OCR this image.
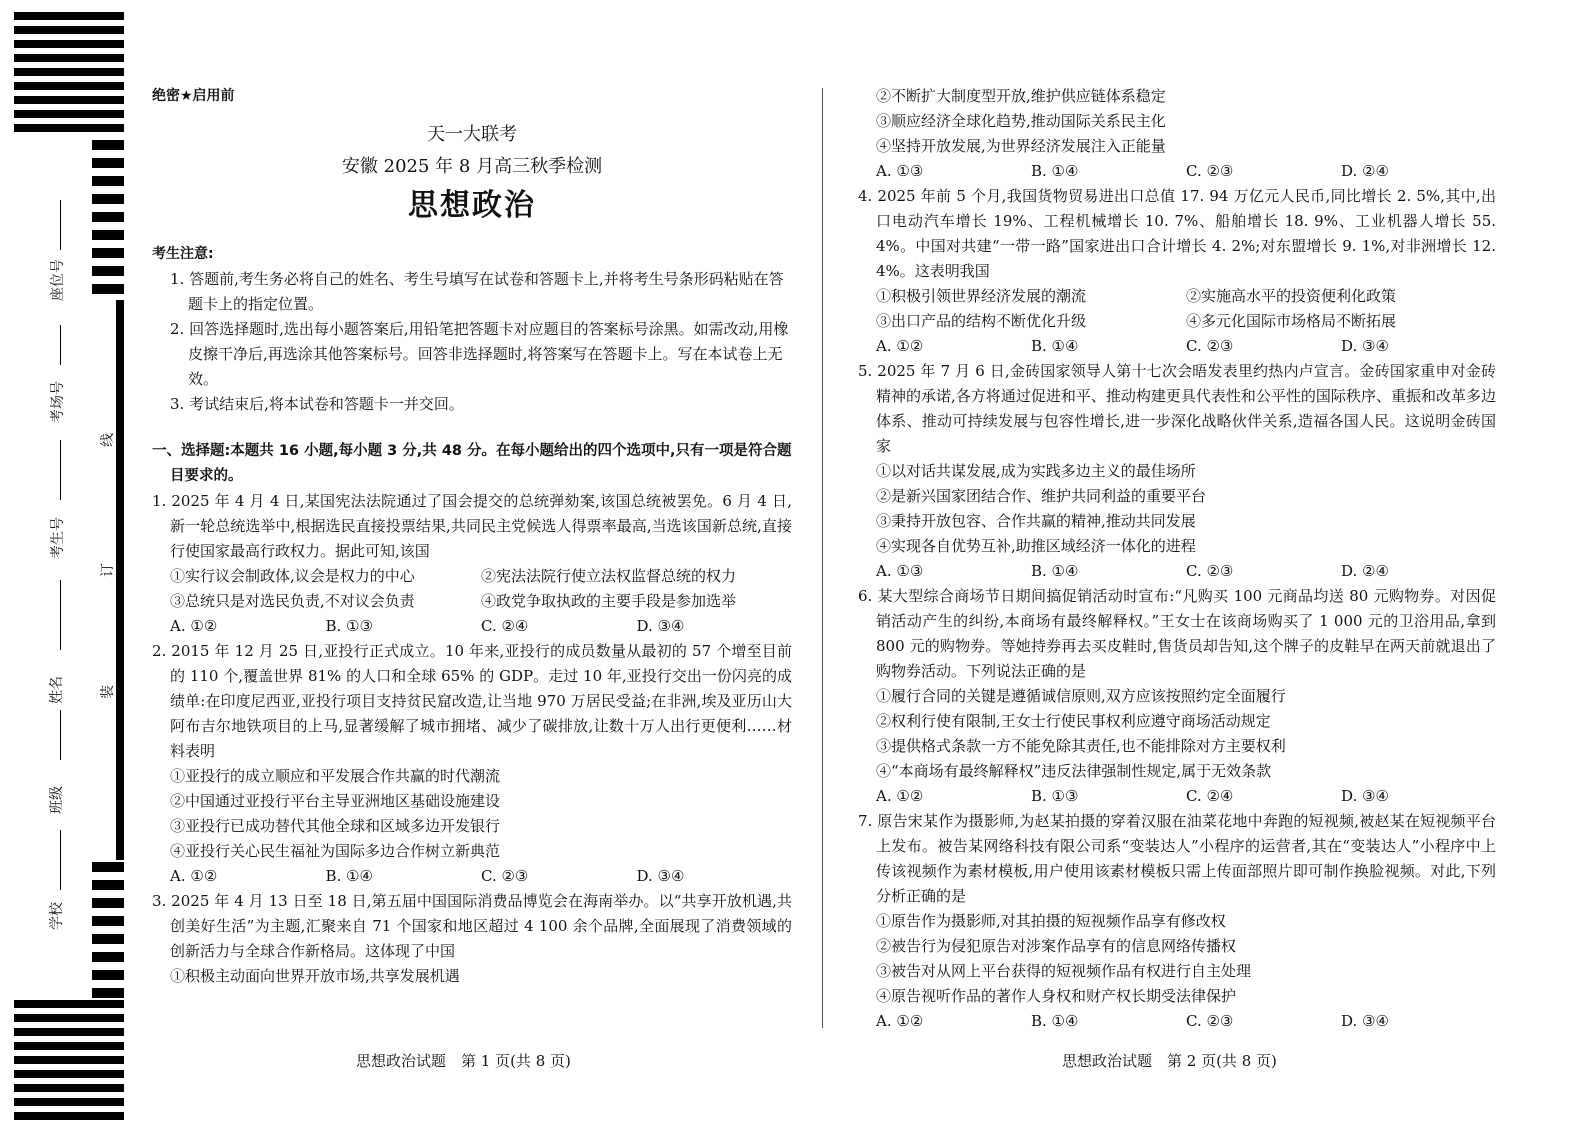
座位号
考场号
考生号
姓名
班级
学校
线
订
装
绝密★启用前
天一大联考
安徽 2025 年 8 月高三秋季检测
思想政治
考生注意:
1. 答题前,考生务必将自己的姓名、考生号填写在试卷和答题卡上,并将考生号条形码粘贴在答题卡上的指定位置。
2. 回答选择题时,选出每小题答案后,用铅笔把答题卡对应题目的答案标号涂黑。如需改动,用橡皮擦干净后,再选涂其他答案标号。回答非选择题时,将答案写在答题卡上。写在本试卷上无效。
3. 考试结束后,将本试卷和答题卡一并交回。
一、选择题:本题共 16 小题,每小题 3 分,共 48 分。在每小题给出的四个选项中,只有一项是符合题目要求的。
1. 2025 年 4 月 4 日,某国宪法法院通过了国会提交的总统弹劾案,该国总统被罢免。6 月 4 日,新一轮总统选举中,根据选民直接投票结果,共同民主党候选人得票率最高,当选该国新总统,直接行使国家最高行政权力。据此可知,该国
①实行议会制政体,议会是权力的中心	②宪法法院行使立法权监督总统的权力
③总统只是对选民负责,不对议会负责	④政党争取执政的主要手段是参加选举
A. ①②	B. ①③	C. ②④	D. ③④
2. 2015 年 12 月 25 日,亚投行正式成立。10 年来,亚投行的成员数量从最初的 57 个增至目前的 110 个,覆盖世界 81% 的人口和全球 65% 的 GDP。走过 10 年,亚投行交出一份闪亮的成绩单:在印度尼西亚,亚投行项目支持贫民窟改造,让当地 970 万居民受益;在非洲,埃及亚历山大阿布吉尔地铁项目的上马,显著缓解了城市拥堵、减少了碳排放,让数十万人出行更便利……材料表明
①亚投行的成立顺应和平发展合作共赢的时代潮流
②中国通过亚投行平台主导亚洲地区基础设施建设
③亚投行已成功替代其他全球和区域多边开发银行
④亚投行关心民生福祉为国际多边合作树立新典范
A. ①②	B. ①④	C. ②③	D. ③④
3. 2025 年 4 月 13 日至 18 日,第五届中国国际消费品博览会在海南举办。以“共享开放机遇,共创美好生活”为主题,汇聚来自 71 个国家和地区超过 4 100 余个品牌,全面展现了消费领域的创新活力与全球合作新格局。这体现了中国
①积极主动面向世界开放市场,共享发展机遇
②不断扩大制度型开放,维护供应链体系稳定
③顺应经济全球化趋势,推动国际关系民主化
④坚持开放发展,为世界经济发展注入正能量
A. ①③	B. ①④	C. ②③	D. ②④
4. 2025 年前 5 个月,我国货物贸易进出口总值 17. 94 万亿元人民币,同比增长 2. 5%,其中,出口电动汽车增长 19%、工程机械增长 10. 7%、船舶增长 18. 9%、工业机器人增长 55. 4%。中国对共建“一带一路”国家进出口合计增长 4. 2%;对东盟增长 9. 1%,对非洲增长 12. 4%。这表明我国
①积极引领世界经济发展的潮流	②实施高水平的投资便利化政策
③出口产品的结构不断优化升级	④多元化国际市场格局不断拓展
A. ①②	B. ①④	C. ②③	D. ③④
5. 2025 年 7 月 6 日,金砖国家领导人第十七次会晤发表里约热内卢宣言。金砖国家重申对金砖精神的承诺,各方将通过促进和平、推动构建更具代表性和公平性的国际秩序、重振和改革多边体系、推动可持续发展与包容性增长,进一步深化战略伙伴关系,造福各国人民。这说明金砖国家
①以对话共谋发展,成为实践多边主义的最佳场所
②是新兴国家团结合作、维护共同利益的重要平台
③秉持开放包容、合作共赢的精神,推动共同发展
④实现各自优势互补,助推区域经济一体化的进程
A. ①③	B. ①④	C. ②③	D. ②④
6. 某大型综合商场节日期间搞促销活动时宣布:“凡购买 100 元商品均送 80 元购物券。对因促销活动产生的纠纷,本商场有最终解释权。”王女士在该商场购买了 1 000 元的卫浴用品,拿到 800 元的购物券。等她持券再去买皮鞋时,售货员却告知,这个牌子的皮鞋早在两天前就退出了购物券活动。下列说法正确的是
①履行合同的关键是遵循诚信原则,双方应该按照约定全面履行
②权利行使有限制,王女士行使民事权利应遵守商场活动规定
③提供格式条款一方不能免除其责任,也不能排除对方主要权利
④“本商场有最终解释权”违反法律强制性规定,属于无效条款
A. ①②	B. ①③	C. ②④	D. ③④
7. 原告宋某作为摄影师,为赵某拍摄的穿着汉服在油菜花地中奔跑的短视频,被赵某在短视频平台上发布。被告某网络科技有限公司系“变装达人”小程序的运营者,其在“变装达人”小程序中上传该视频作为素材模板,用户使用该素材模板只需上传面部照片即可制作换脸视频。对此,下列分析正确的是
①原告作为摄影师,对其拍摄的短视频作品享有修改权
②被告行为侵犯原告对涉案作品享有的信息网络传播权
③被告对从网上平台获得的短视频作品有权进行自主处理
④原告视听作品的著作人身权和财产权长期受法律保护
A. ①②	B. ①④	C. ②③	D. ③④
思想政治试题　第 1 页(共 8 页)	思想政治试题　第 2 页(共 8 页)
